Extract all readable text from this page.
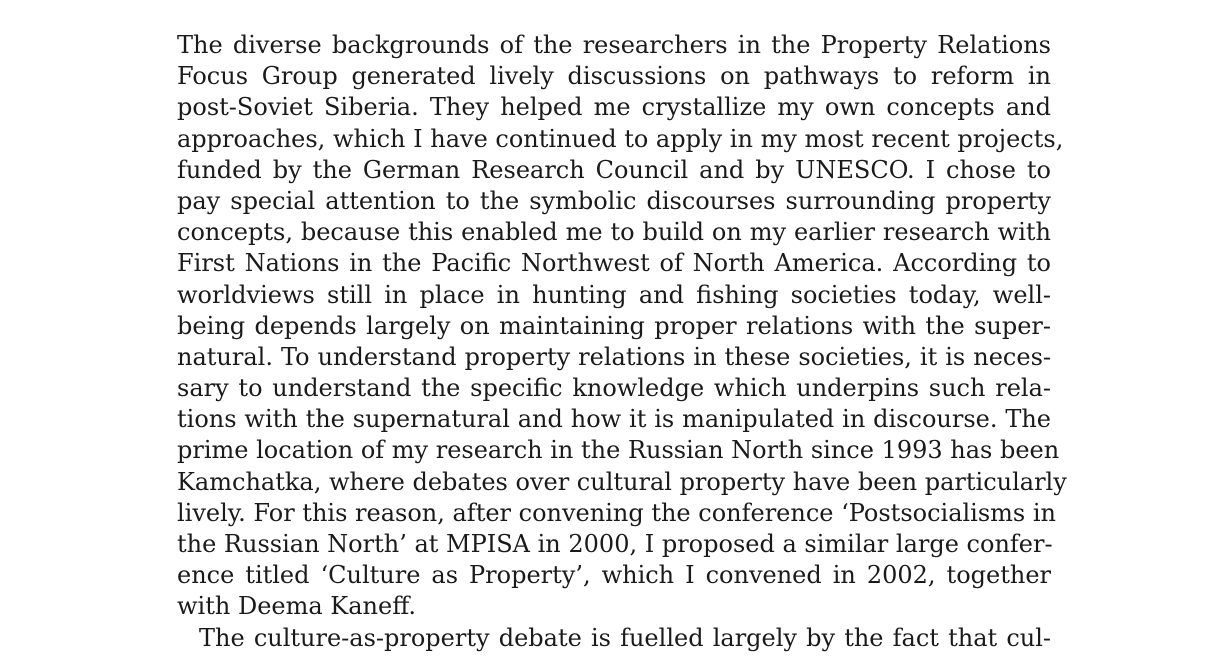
The diverse backgrounds of the researchers in the Property Relations
Focus Group generated lively discussions on pathways to reform in
post-Soviet Siberia. They helped me crystallize my own concepts and
approaches, which I have continued to apply in my most recent projects,
funded by the German Research Council and by UNESCO. I chose to
pay special attention to the symbolic discourses surrounding property
concepts, because this enabled me to build on my earlier research with
First Nations in the Pacific Northwest of North America. According to
worldviews still in place in hunting and fishing societies today, well-
being depends largely on maintaining proper relations with the super-
natural. To understand property relations in these societies, it is neces-
sary to understand the specific knowledge which underpins such rela-
tions with the supernatural and how it is manipulated in discourse. The
prime location of my research in the Russian North since 1993 has been
Kamchatka, where debates over cultural property have been particularly
lively. For this reason, after convening the conference ‘Postsocialisms in
the Russian North’ at MPISA in 2000, I proposed a similar large confer-
ence titled ‘Culture as Property’, which I convened in 2002, together
with Deema Kaneff.
The culture-as-property debate is fuelled largely by the fact that cul-
